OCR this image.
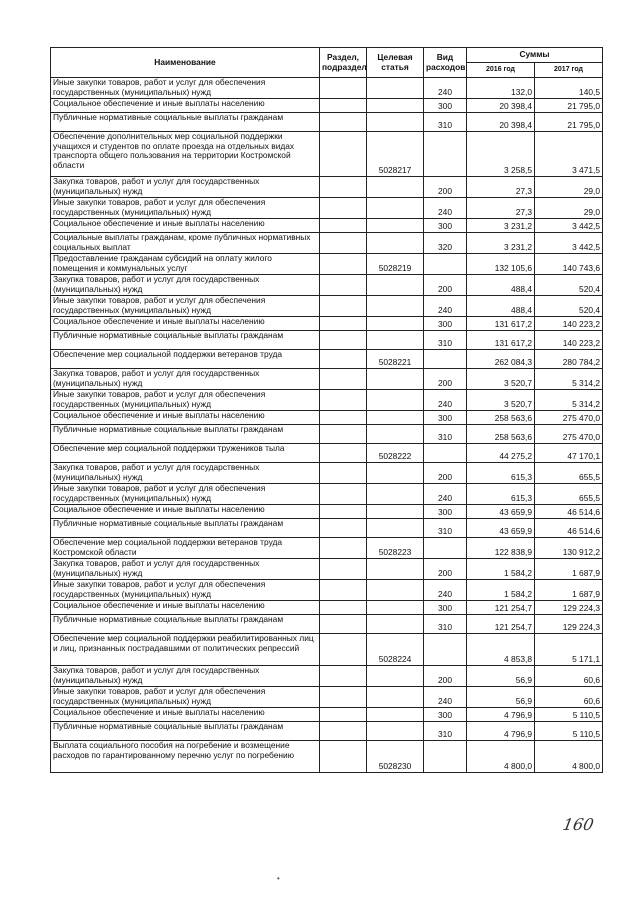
Наименование	Раздел, подраздел	Целевая статья	Вид расходов	Суммы	
				2016 год	2017 год
Иные закупки товаров, работ и услуг для обеспечения государственных (муниципальных) нужд			240	132,0	140,5
Социальное обеспечение и иные выплаты населению			300	20 398,4	21 795,0
Публичные нормативные социальные выплаты гражданам			310	20 398,4	21 795,0
Обеспечение дополнительных мер социальной поддержки учащихся и студентов по оплате проезда на отдельных видах транспорта общего пользования на территории Костромской области		5028217		3 258,5	3 471,5
Закупка товаров, работ и услуг для государственных (муниципальных) нужд			200	27,3	29,0
Иные закупки товаров, работ и услуг для обеспечения государственных (муниципальных) нужд			240	27,3	29,0
Социальное обеспечение и иные выплаты населению			300	3 231,2	3 442,5
Социальные выплаты гражданам, кроме публичных нормативных социальных выплат			320	3 231,2	3 442,5
Предоставление гражданам субсидий на оплату жилого помещения и коммунальных услуг		5028219		132 105,6	140 743,6
Закупка товаров, работ и услуг для государственных (муниципальных) нужд			200	488,4	520,4
Иные закупки товаров, работ и услуг для обеспечения государственных (муниципальных) нужд			240	488,4	520,4
Социальное обеспечение и иные выплаты населению			300	131 617,2	140 223,2
Публичные нормативные социальные выплаты гражданам			310	131 617,2	140 223,2
Обеспечение мер социальной поддержки ветеранов труда		5028221		262 084,3	280 784,2
Закупка товаров, работ и услуг для государственных (муниципальных) нужд			200	3 520,7	5 314,2
Иные закупки товаров, работ и услуг для обеспечения государственных (муниципальных) нужд			240	3 520,7	5 314,2
Социальное обеспечение и иные выплаты населению			300	258 563,6	275 470,0
Публичные нормативные социальные выплаты гражданам			310	258 563,6	275 470,0
Обеспечение мер социальной поддержки тружеников тыла		5028222		44 275,2	47 170,1
Закупка товаров, работ и услуг для государственных (муниципальных) нужд			200	615,3	655,5
Иные закупки товаров, работ и услуг для обеспечения государственных (муниципальных) нужд			240	615,3	655,5
Социальное обеспечение и иные выплаты населению			300	43 659,9	46 514,6
Публичные нормативные социальные выплаты гражданам			310	43 659,9	46 514,6
Обеспечение мер социальной поддержки ветеранов труда Костромской области		5028223		122 838,9	130 912,2
Закупка товаров, работ и услуг для государственных (муниципальных) нужд			200	1 584,2	1 687,9
Иные закупки товаров, работ и услуг для обеспечения государственных (муниципальных) нужд			240	1 584,2	1 687,9
Социальное обеспечение и иные выплаты населению			300	121 254,7	129 224,3
Публичные нормативные социальные выплаты гражданам			310	121 254,7	129 224,3
Обеспечение мер социальной поддержки реабилитированных лиц и лиц, признанных пострадавшими от политических репрессий		5028224		4 853,8	5 171,1
Закупка товаров, работ и услуг для государственных (муниципальных) нужд			200	56,9	60,6
Иные закупки товаров, работ и услуг для обеспечения государственных (муниципальных) нужд			240	56,9	60,6
Социальное обеспечение и иные выплаты населению			300	4 796,9	5 110,5
Публичные нормативные социальные выплаты гражданам			310	4 796,9	5 110,5
Выплата социального пособия на погребение и возмещение расходов по гарантированному перечню услуг по погребению		5028230		4 800,0	4 800,0
160
•
